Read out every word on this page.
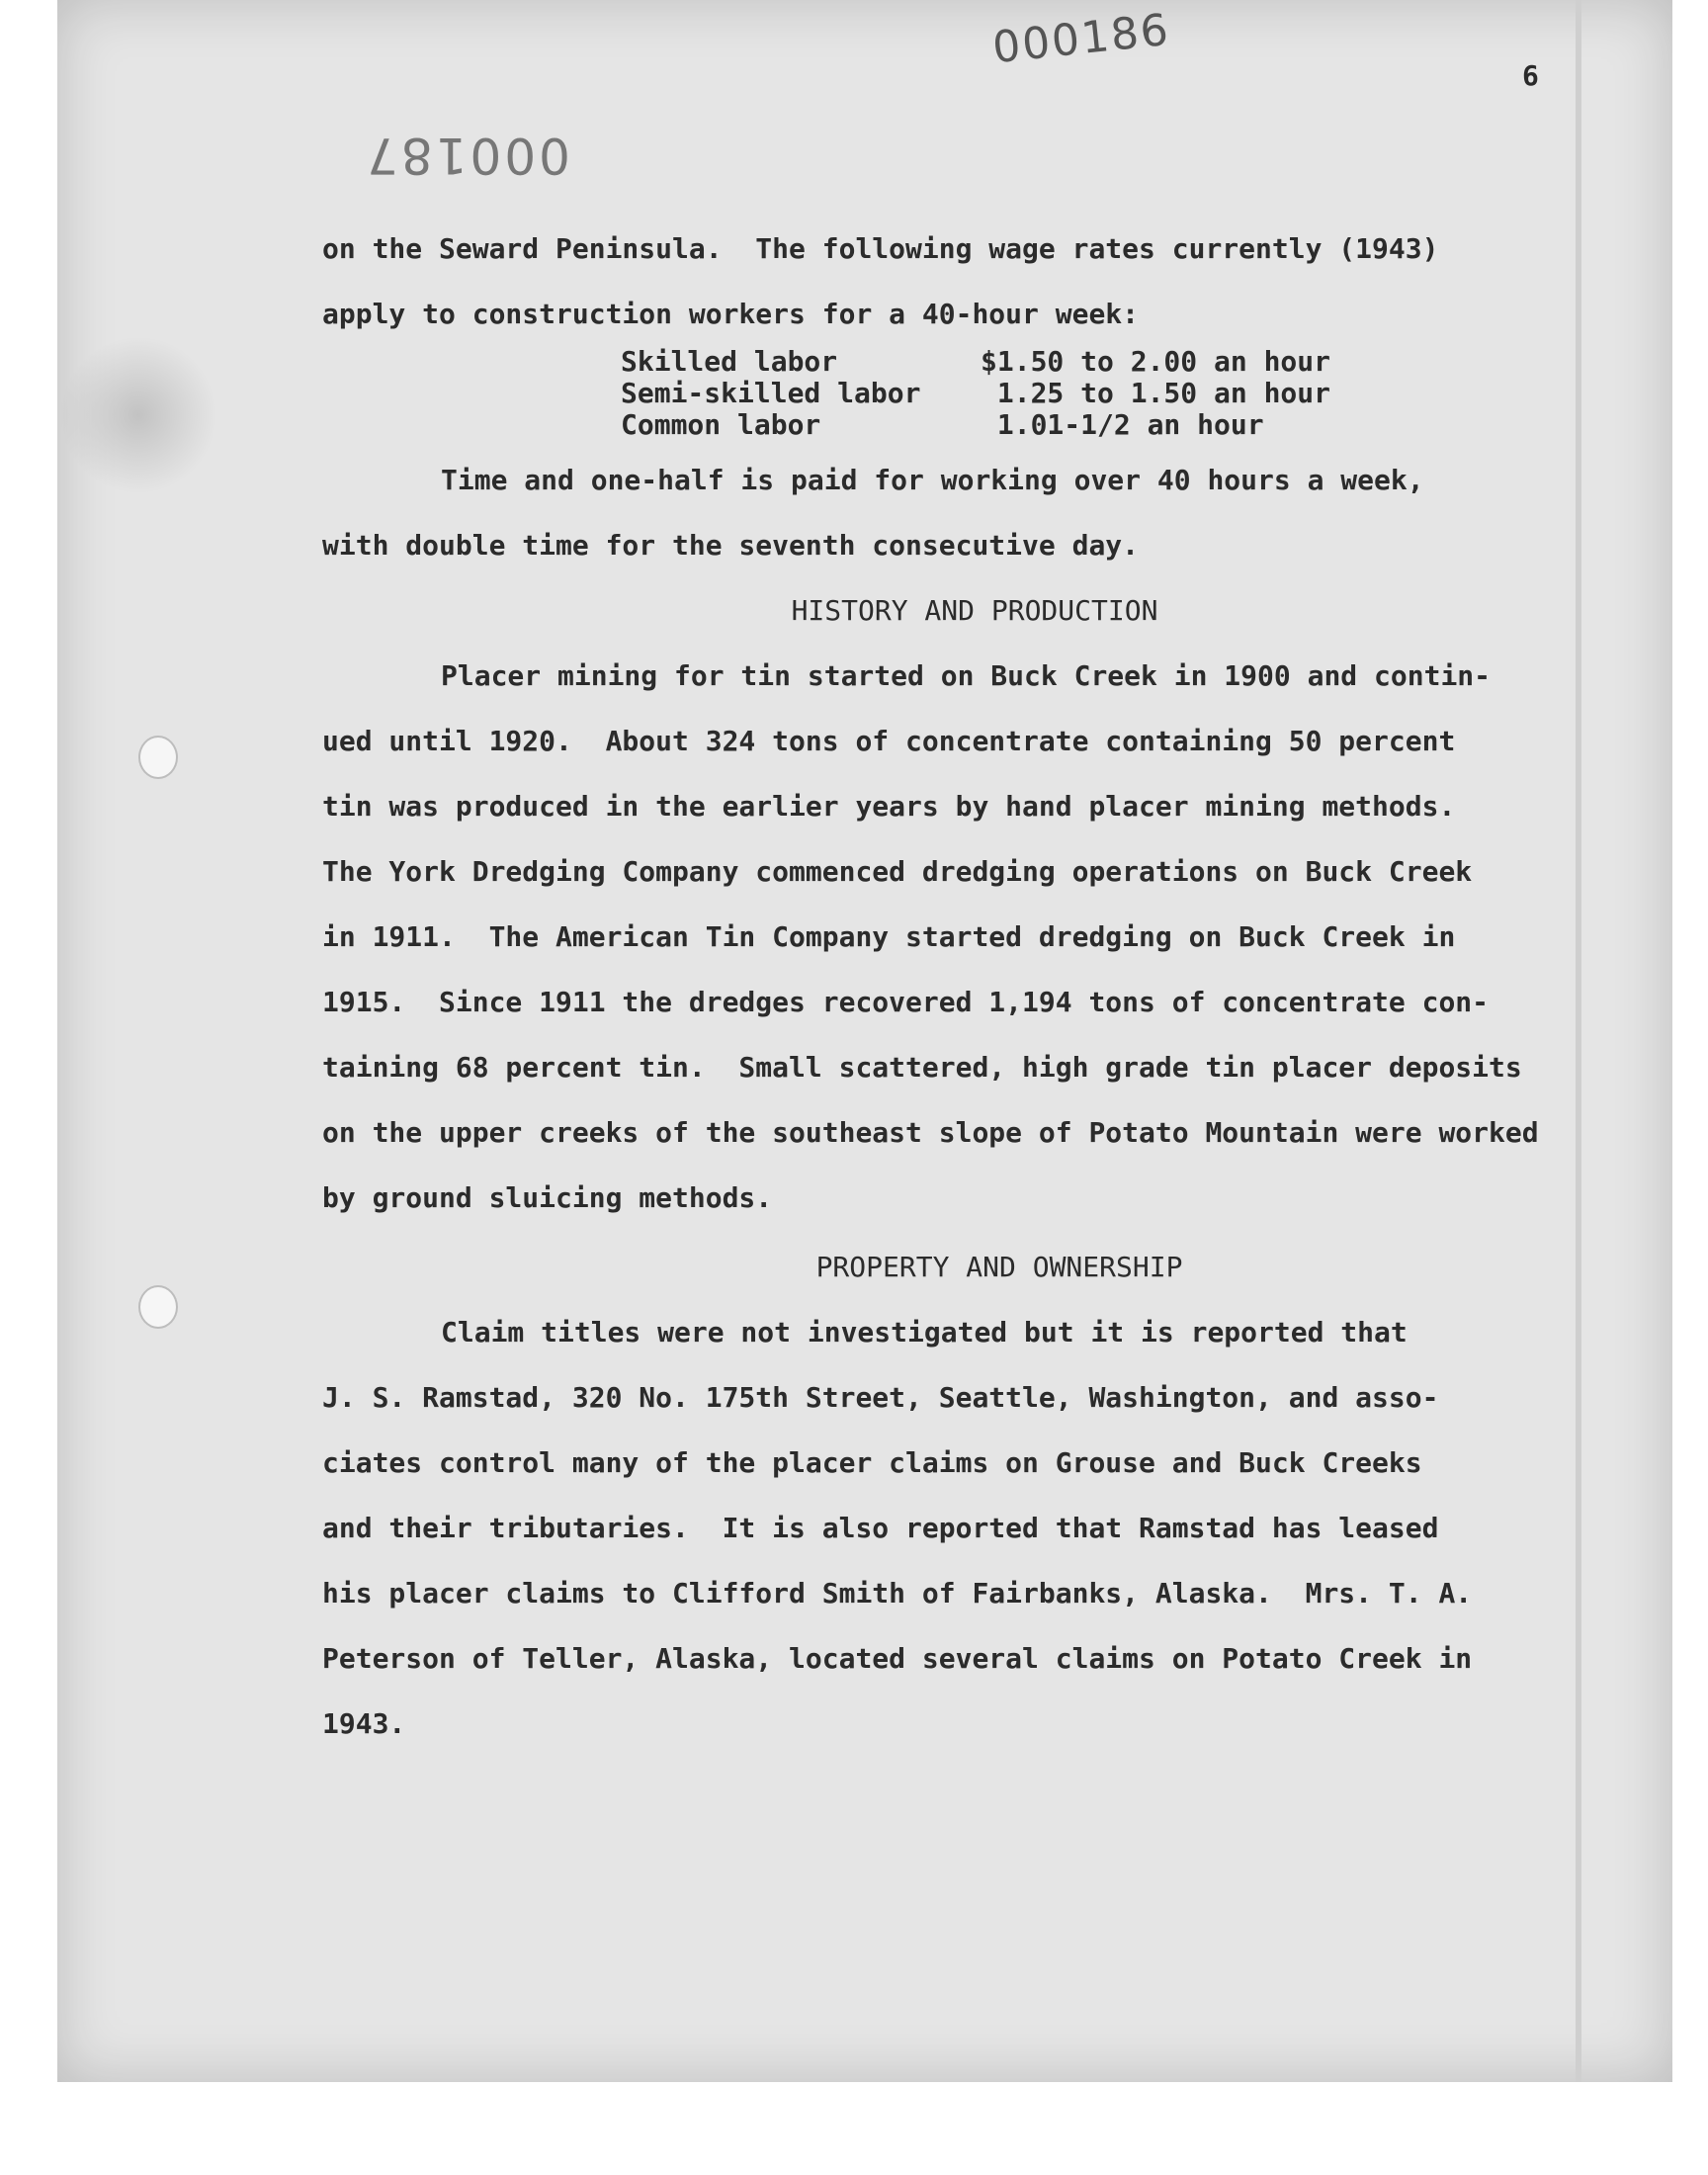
000186
000187
6
on the Seward Peninsula.  The following wage rates currently (1943)
apply to construction workers for a 40-hour week:
Skilled labor	$1.50 to 2.00 an hour
Semi-skilled labor	1.25 to 1.50 an hour
Common labor	1.01-1/2 an hour
Time and one-half is paid for working over 40 hours a week,
with double time for the seventh consecutive day.
HISTORY AND PRODUCTION
Placer mining for tin started on Buck Creek in 1900 and contin-
ued until 1920.  About 324 tons of concentrate containing 50 percent
tin was produced in the earlier years by hand placer mining methods.
The York Dredging Company commenced dredging operations on Buck Creek
in 1911.  The American Tin Company started dredging on Buck Creek in
1915.  Since 1911 the dredges recovered 1,194 tons of concentrate con-
taining 68 percent tin.  Small scattered, high grade tin placer deposits
on the upper creeks of the southeast slope of Potato Mountain were worked
by ground sluicing methods.
PROPERTY AND OWNERSHIP
Claim titles were not investigated but it is reported that
J. S. Ramstad, 320 No. 175th Street, Seattle, Washington, and asso-
ciates control many of the placer claims on Grouse and Buck Creeks
and their tributaries.  It is also reported that Ramstad has leased
his placer claims to Clifford Smith of Fairbanks, Alaska.  Mrs. T. A.
Peterson of Teller, Alaska, located several claims on Potato Creek in
1943.
